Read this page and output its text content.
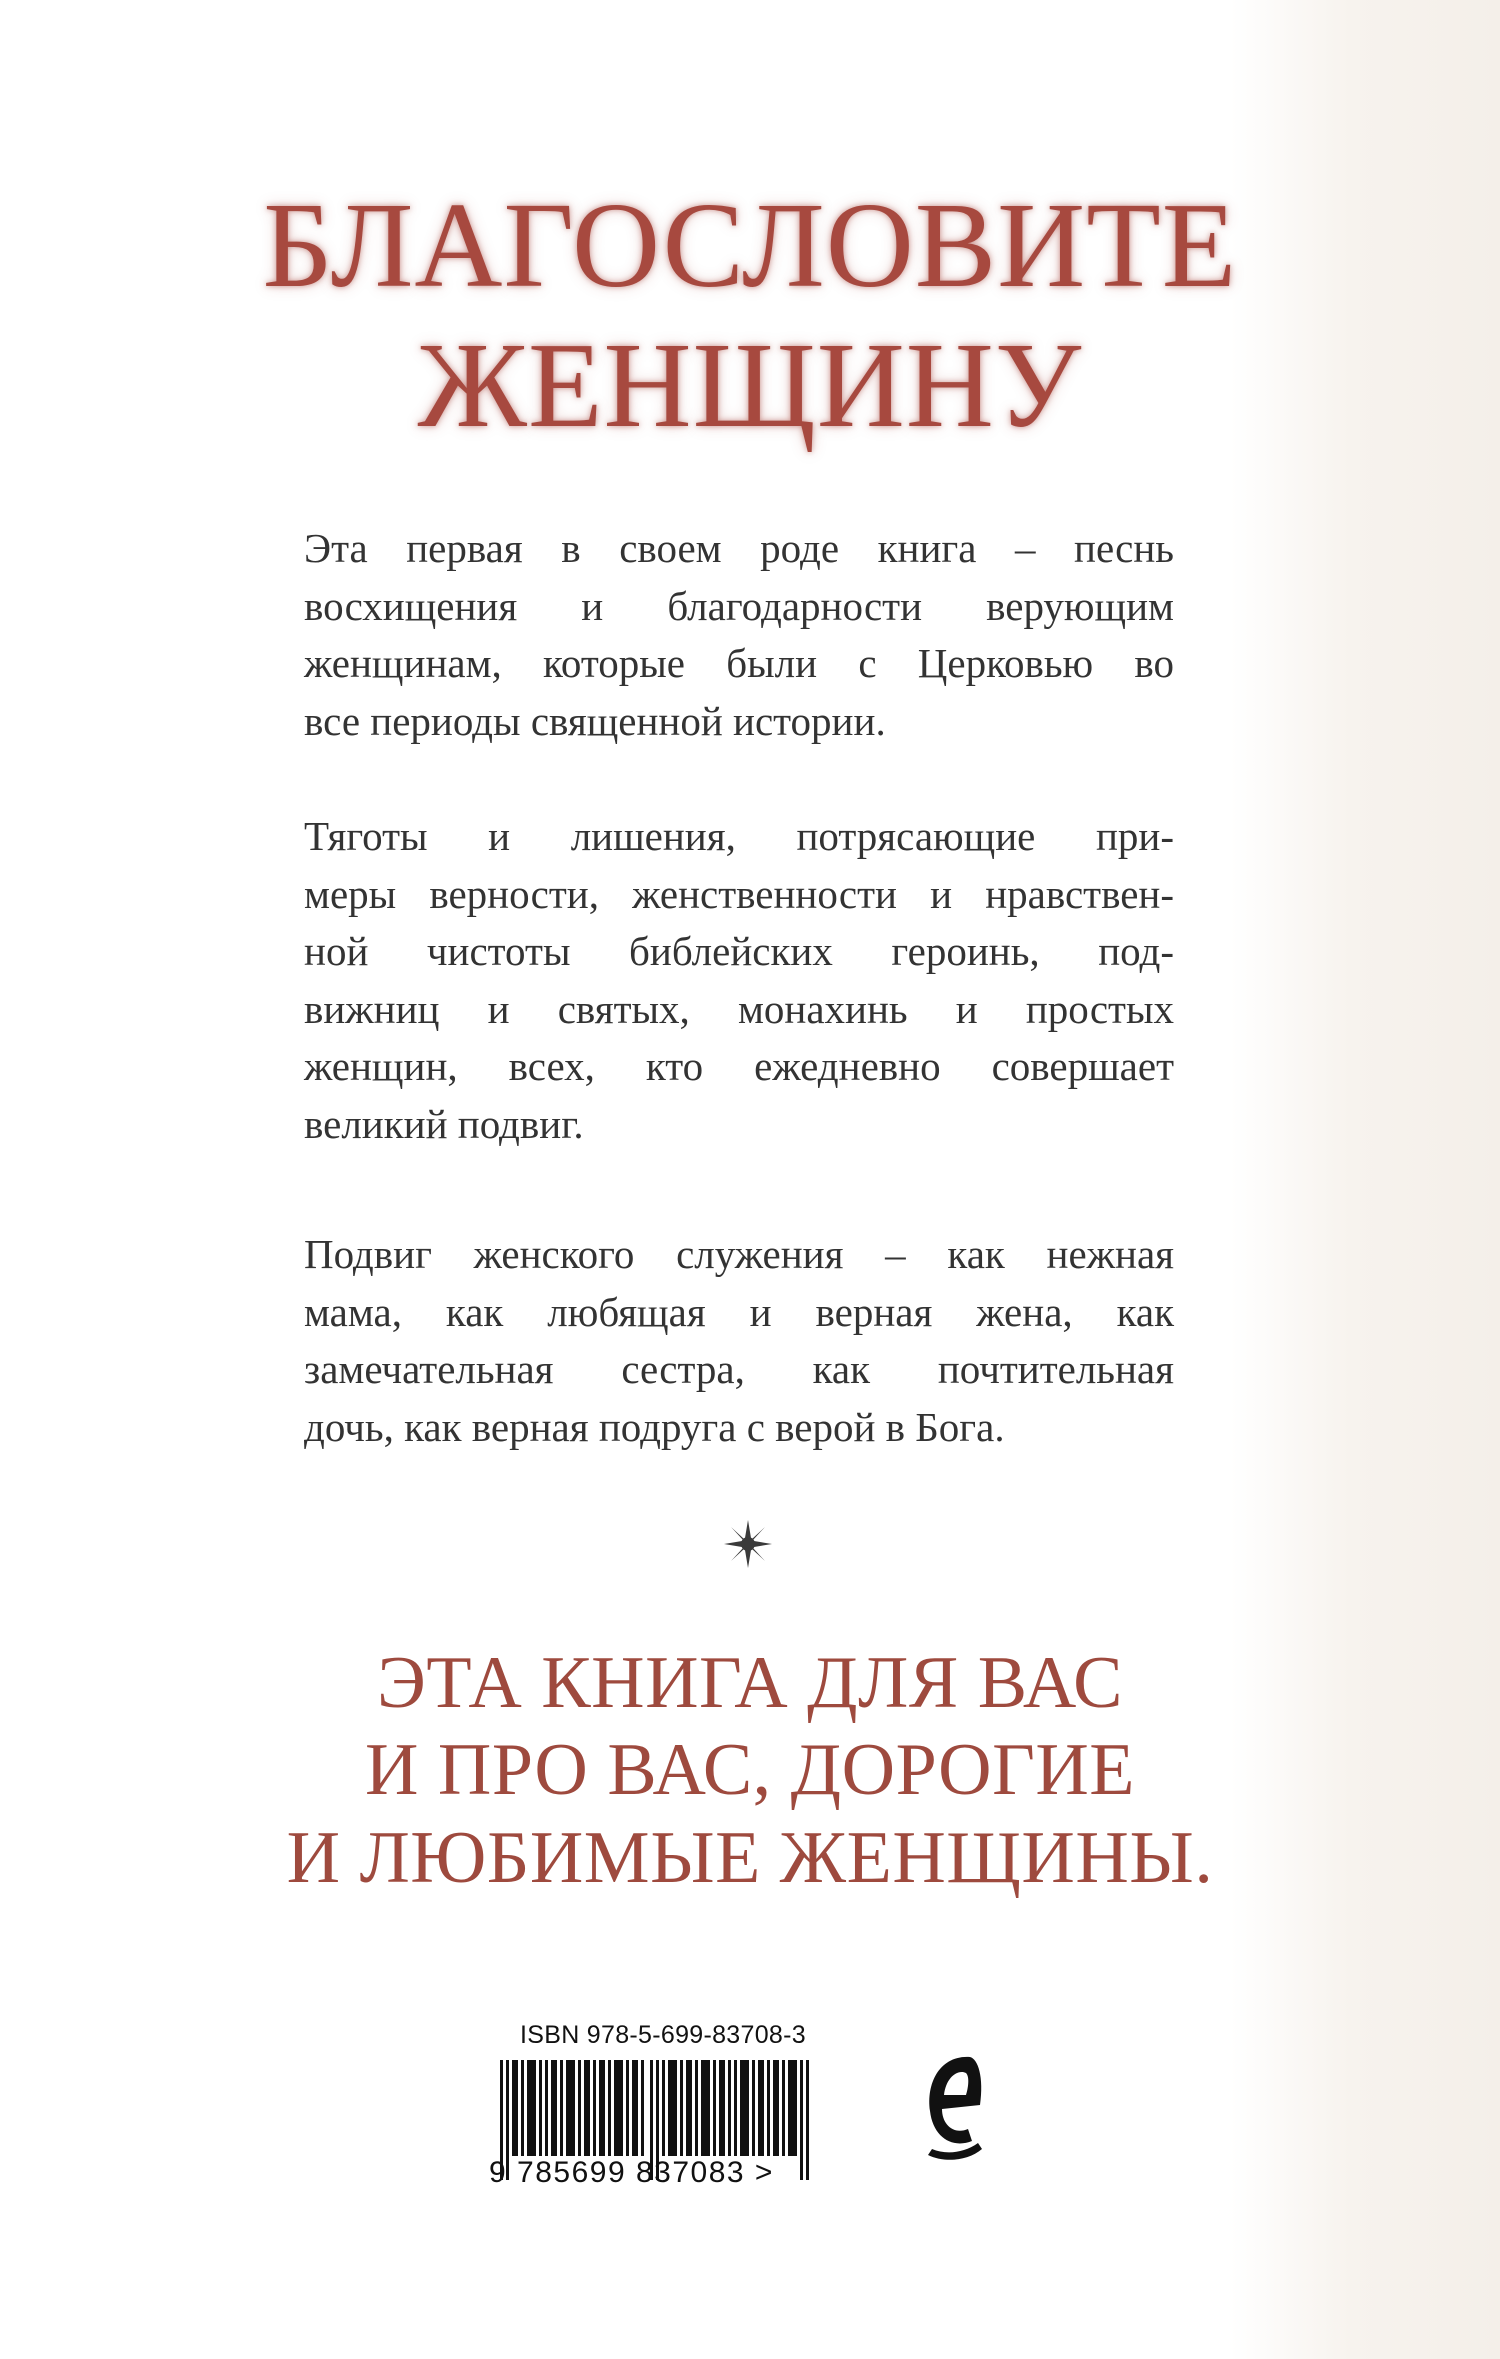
БЛАГОСЛОВИТЕ
ЖЕНЩИНУ

Эта первая в своем роде книга – песнь
восхищения и благодарности верующим
женщинам, которые были с Церковью во
все периоды священной истории.

Тяготы и лишения, потрясающие при-
меры верности, женственности и нравствен-
ной чистоты библейских героинь, под-
вижниц и святых, монахинь и простых
женщин, всех, кто ежедневно совершает
великий подвиг.

Подвиг женского служения – как нежная
мама, как любящая и верная жена, как
замечательная сестра, как почтительная
дочь, как верная подруга с верой в Бога.

ЭТА КНИГА ДЛЯ ВАС
И ПРО ВАС, ДОРОГИЕ
И ЛЮБИМЫЕ ЖЕНЩИНЫ.
ISBN 978-5-699-83708-3
9 785699 837083 >
